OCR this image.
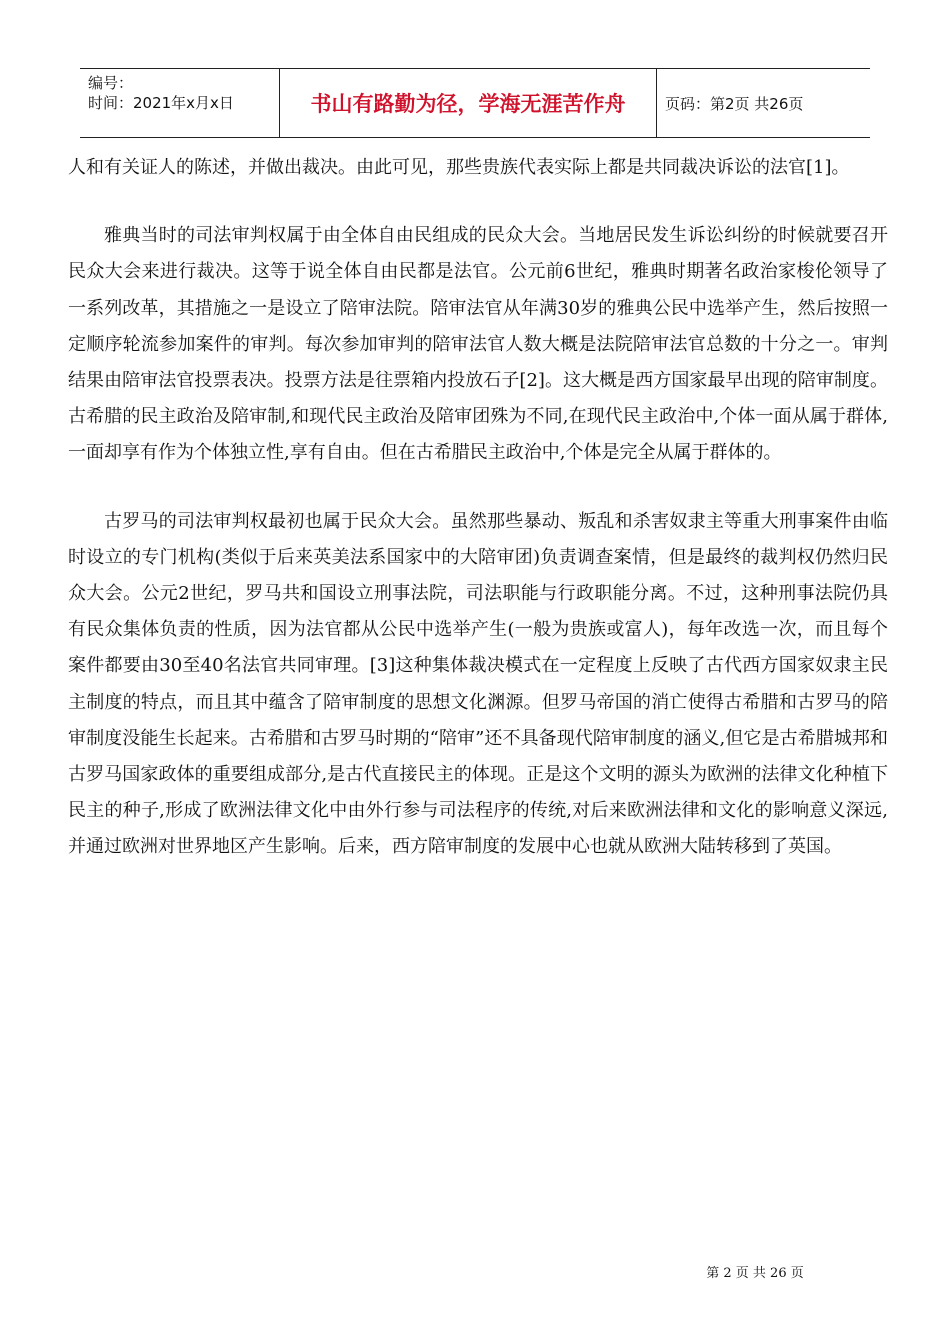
编号：
时间：2021年x月x日	书山有路勤为径，学海无涯苦作舟	页码：第2页 共26页

人和有关证人的陈述，并做出裁决。由此可见，那些贵族代表实际上都是共同裁决诉讼的法官[1]。

雅典当时的司法审判权属于由全体自由民组成的民众大会。当地居民发生诉讼纠纷的时候就要召开民众大会来进行裁决。这等于说全体自由民都是法官。公元前6世纪，雅典时期著名政治家梭伦领导了一系列改革，其措施之一是设立了陪审法院。陪审法官从年满30岁的雅典公民中选举产生，然后按照一定顺序轮流参加案件的审判。每次参加审判的陪审法官人数大概是法院陪审法官总数的十分之一。审判结果由陪审法官投票表决。投票方法是往票箱内投放石子[2]。这大概是西方国家最早出现的陪审制度。古希腊的民主政治及陪审制,和现代民主政治及陪审团殊为不同,在现代民主政治中,个体一面从属于群体,一面却享有作为个体独立性,享有自由。但在古希腊民主政治中,个体是完全从属于群体的。

古罗马的司法审判权最初也属于民众大会。虽然那些暴动、叛乱和杀害奴隶主等重大刑事案件由临时设立的专门机构(类似于后来英美法系国家中的大陪审团)负责调查案情，但是最终的裁判权仍然归民众大会。公元2世纪，罗马共和国设立刑事法院，司法职能与行政职能分离。不过，这种刑事法院仍具有民众集体负责的性质，因为法官都从公民中选举产生(一般为贵族或富人)，每年改选一次，而且每个案件都要由30至40名法官共同审理。[3]这种集体裁决模式在一定程度上反映了古代西方国家奴隶主民主制度的特点，而且其中蕴含了陪审制度的思想文化渊源。但罗马帝国的消亡使得古希腊和古罗马的陪审制度没能生长起来。古希腊和古罗马时期的“陪审”还不具备现代陪审制度的涵义,但它是古希腊城邦和古罗马国家政体的重要组成部分,是古代直接民主的体现。正是这个文明的源头为欧洲的法律文化种植下民主的种子,形成了欧洲法律文化中由外行参与司法程序的传统,对后来欧洲法律和文化的影响意义深远,并通过欧洲对世界地区产生影响。后来，西方陪审制度的发展中心也就从欧洲大陆转移到了英国。

第 2 页 共 26 页
